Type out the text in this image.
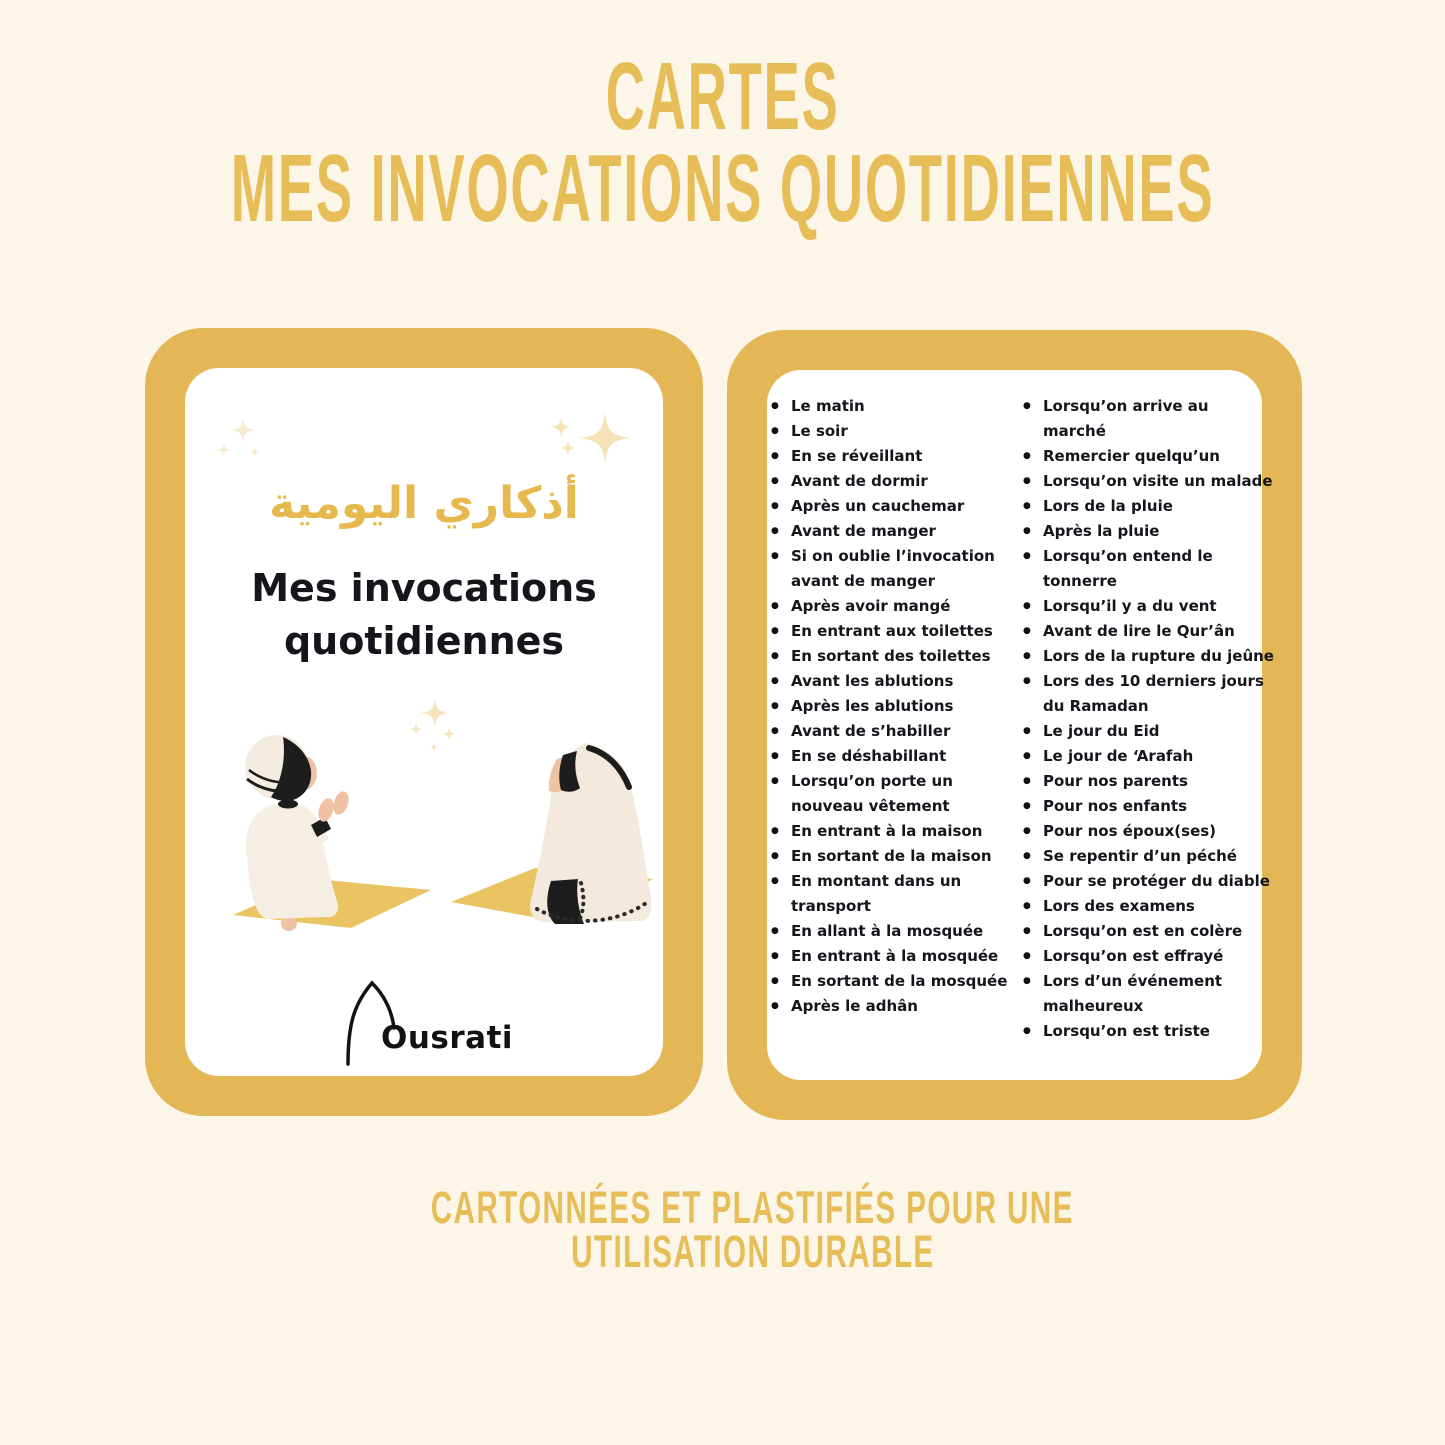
CARTES
MES INVOCATIONS QUOTIDIENNES
أذكاري اليومية
Mes invocations quotidiennes
Ousrati
● Le matin
● Le soir
● En se réveillant
● Avant de dormir
● Après un cauchemar
● Avant de manger
● Si on oublie l’invocation avant de manger
● Après avoir mangé
● En entrant aux toilettes
● En sortant des toilettes
● Avant les ablutions
● Après les ablutions
● Avant de s’habiller
● En se déshabillant
● Lorsqu’on porte un nouveau vêtement
● En entrant à la maison
● En sortant de la maison
● En montant dans un transport
● En allant à la mosquée
● En entrant à la mosquée
● En sortant de la mosquée
● Après le adhân
● Lorsqu’on arrive au marché
● Remercier quelqu’un
● Lorsqu’on visite un malade
● Lors de la pluie
● Après la pluie
● Lorsqu’on entend le tonnerre
● Lorsqu’il y a du vent
● Avant de lire le Qur’ân
● Lors de la rupture du jeûne
● Lors des 10 derniers jours du Ramadan
● Le jour du Eid
● Le jour de ‘Arafah
● Pour nos parents
● Pour nos enfants
● Pour nos époux(ses)
● Se repentir d’un péché
● Pour se protéger du diable
● Lors des examens
● Lorsqu’on est en colère
● Lorsqu’on est effrayé
● Lors d’un événement malheureux
● Lorsqu’on est triste
CARTONNÉES ET PLASTIFIÉS POUR UNE
UTILISATION DURABLE
